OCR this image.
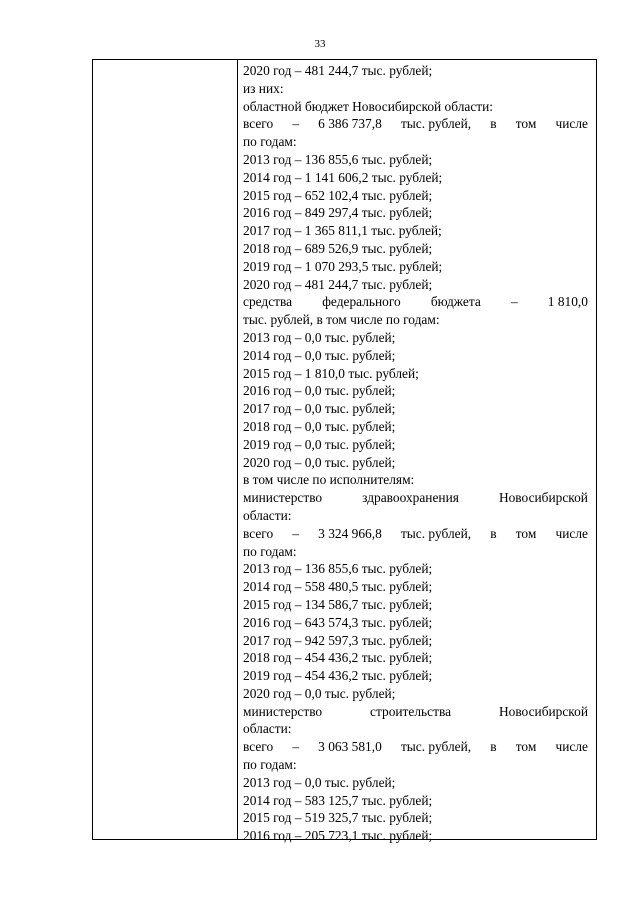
33
2020 год – 481 244,7 тыс. рублей;
из них:
областной бюджет Новосибирской области:
всего – 6 386 737,8 тыс. рублей, в том числе
по годам:
2013 год – 136 855,6 тыс. рублей;
2014 год – 1 141 606,2 тыс. рублей;
2015 год – 652 102,4 тыс. рублей;
2016 год – 849 297,4 тыс. рублей;
2017 год – 1 365 811,1 тыс. рублей;
2018 год – 689 526,9 тыс. рублей;
2019 год – 1 070 293,5 тыс. рублей;
2020 год – 481 244,7 тыс. рублей;
средства федерального бюджета – 1 810,0
тыс. рублей, в том числе по годам:
2013 год – 0,0 тыс. рублей;
2014 год – 0,0 тыс. рублей;
2015 год – 1 810,0 тыс. рублей;
2016 год – 0,0 тыс. рублей;
2017 год – 0,0 тыс. рублей;
2018 год – 0,0 тыс. рублей;
2019 год – 0,0 тыс. рублей;
2020 год – 0,0 тыс. рублей;
в том числе по исполнителям:
министерство	здравоохранения	Новосибирской
области:
всего – 3 324 966,8 тыс. рублей, в том числе
по годам:
2013 год – 136 855,6 тыс. рублей;
2014 год – 558 480,5 тыс. рублей;
2015 год – 134 586,7 тыс. рублей;
2016 год – 643 574,3 тыс. рублей;
2017 год – 942 597,3 тыс. рублей;
2018 год – 454 436,2 тыс. рублей;
2019 год – 454 436,2 тыс. рублей;
2020 год – 0,0 тыс. рублей;
министерство	строительства	Новосибирской
области:
всего – 3 063 581,0 тыс. рублей, в том числе
по годам:
2013 год – 0,0 тыс. рублей;
2014 год – 583 125,7 тыс. рублей;
2015 год – 519 325,7 тыс. рублей;
2016 год – 205 723,1 тыс. рублей;
